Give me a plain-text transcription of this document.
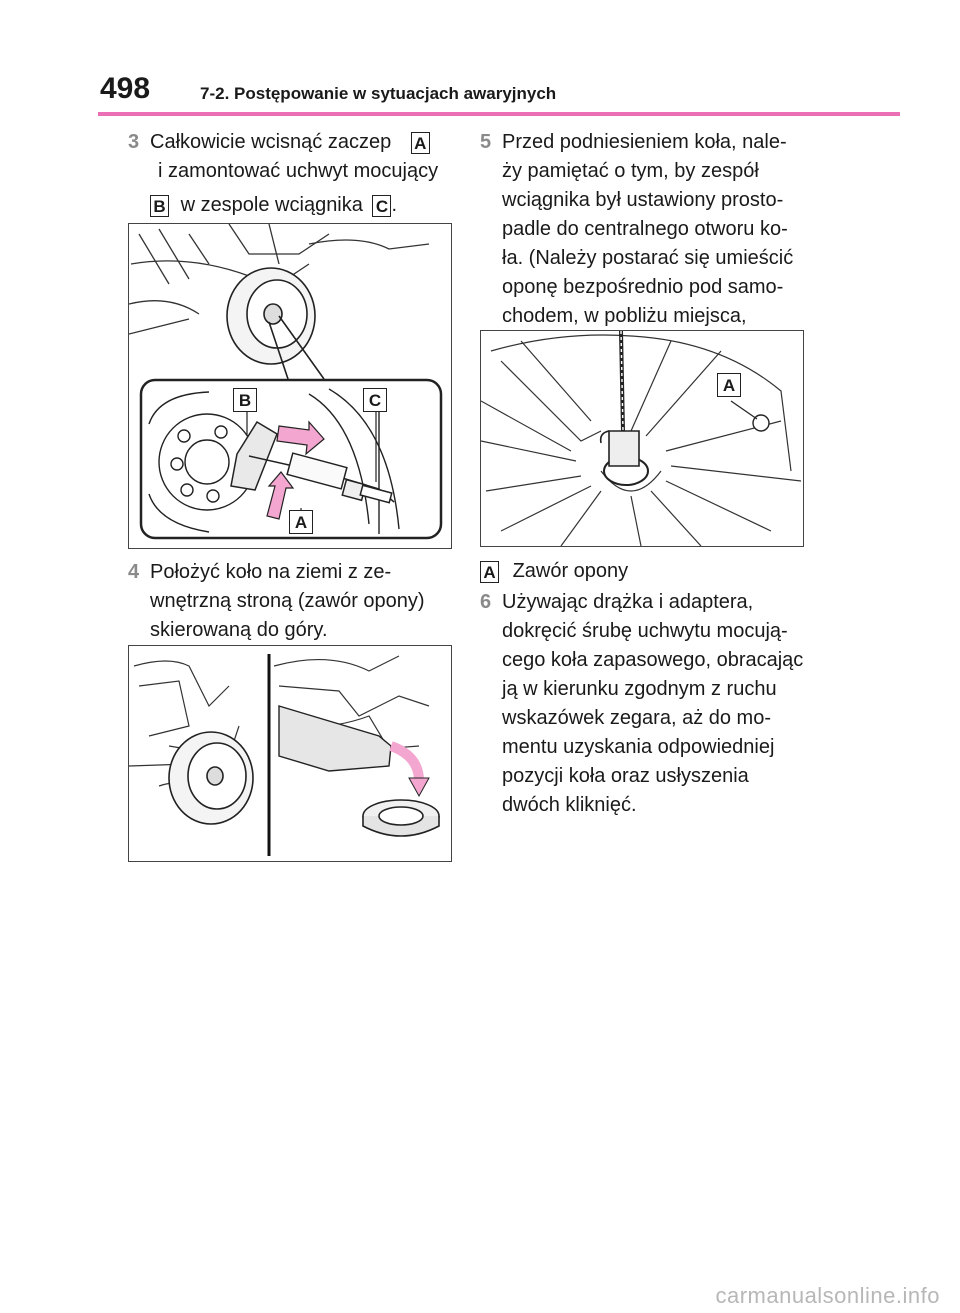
498	7-2. Postępowanie w sytuacjach awaryjnych
3 Całkowicie wcisnąć zaczep A
i zamontować uchwyt mocujący
B w zespole wciągnika C .
B	C
A
4 Położyć koło na ziemi z ze-
wnętrzną stroną (zawór opony)
skierowaną do góry.
5 Przed podniesieniem koła, nale-
ży pamiętać o tym, by zespół
wciągnika był ustawiony prosto-
padle do centralnego otworu ko-
ła. (Należy postarać się umieścić
oponę bezpośrednio pod samo-
chodem, w pobliżu miejsca,
A
A Zawór opony
6 Używając drążka i adaptera,
dokręcić śrubę uchwytu mocują-
cego koła zapasowego, obracając
ją w kierunku zgodnym z ruchu
wskazówek zegara, aż do mo-
mentu uzyskania odpowiedniej
pozycji koła oraz usłyszenia
dwóch kliknięć.
carmanualsonline.info
